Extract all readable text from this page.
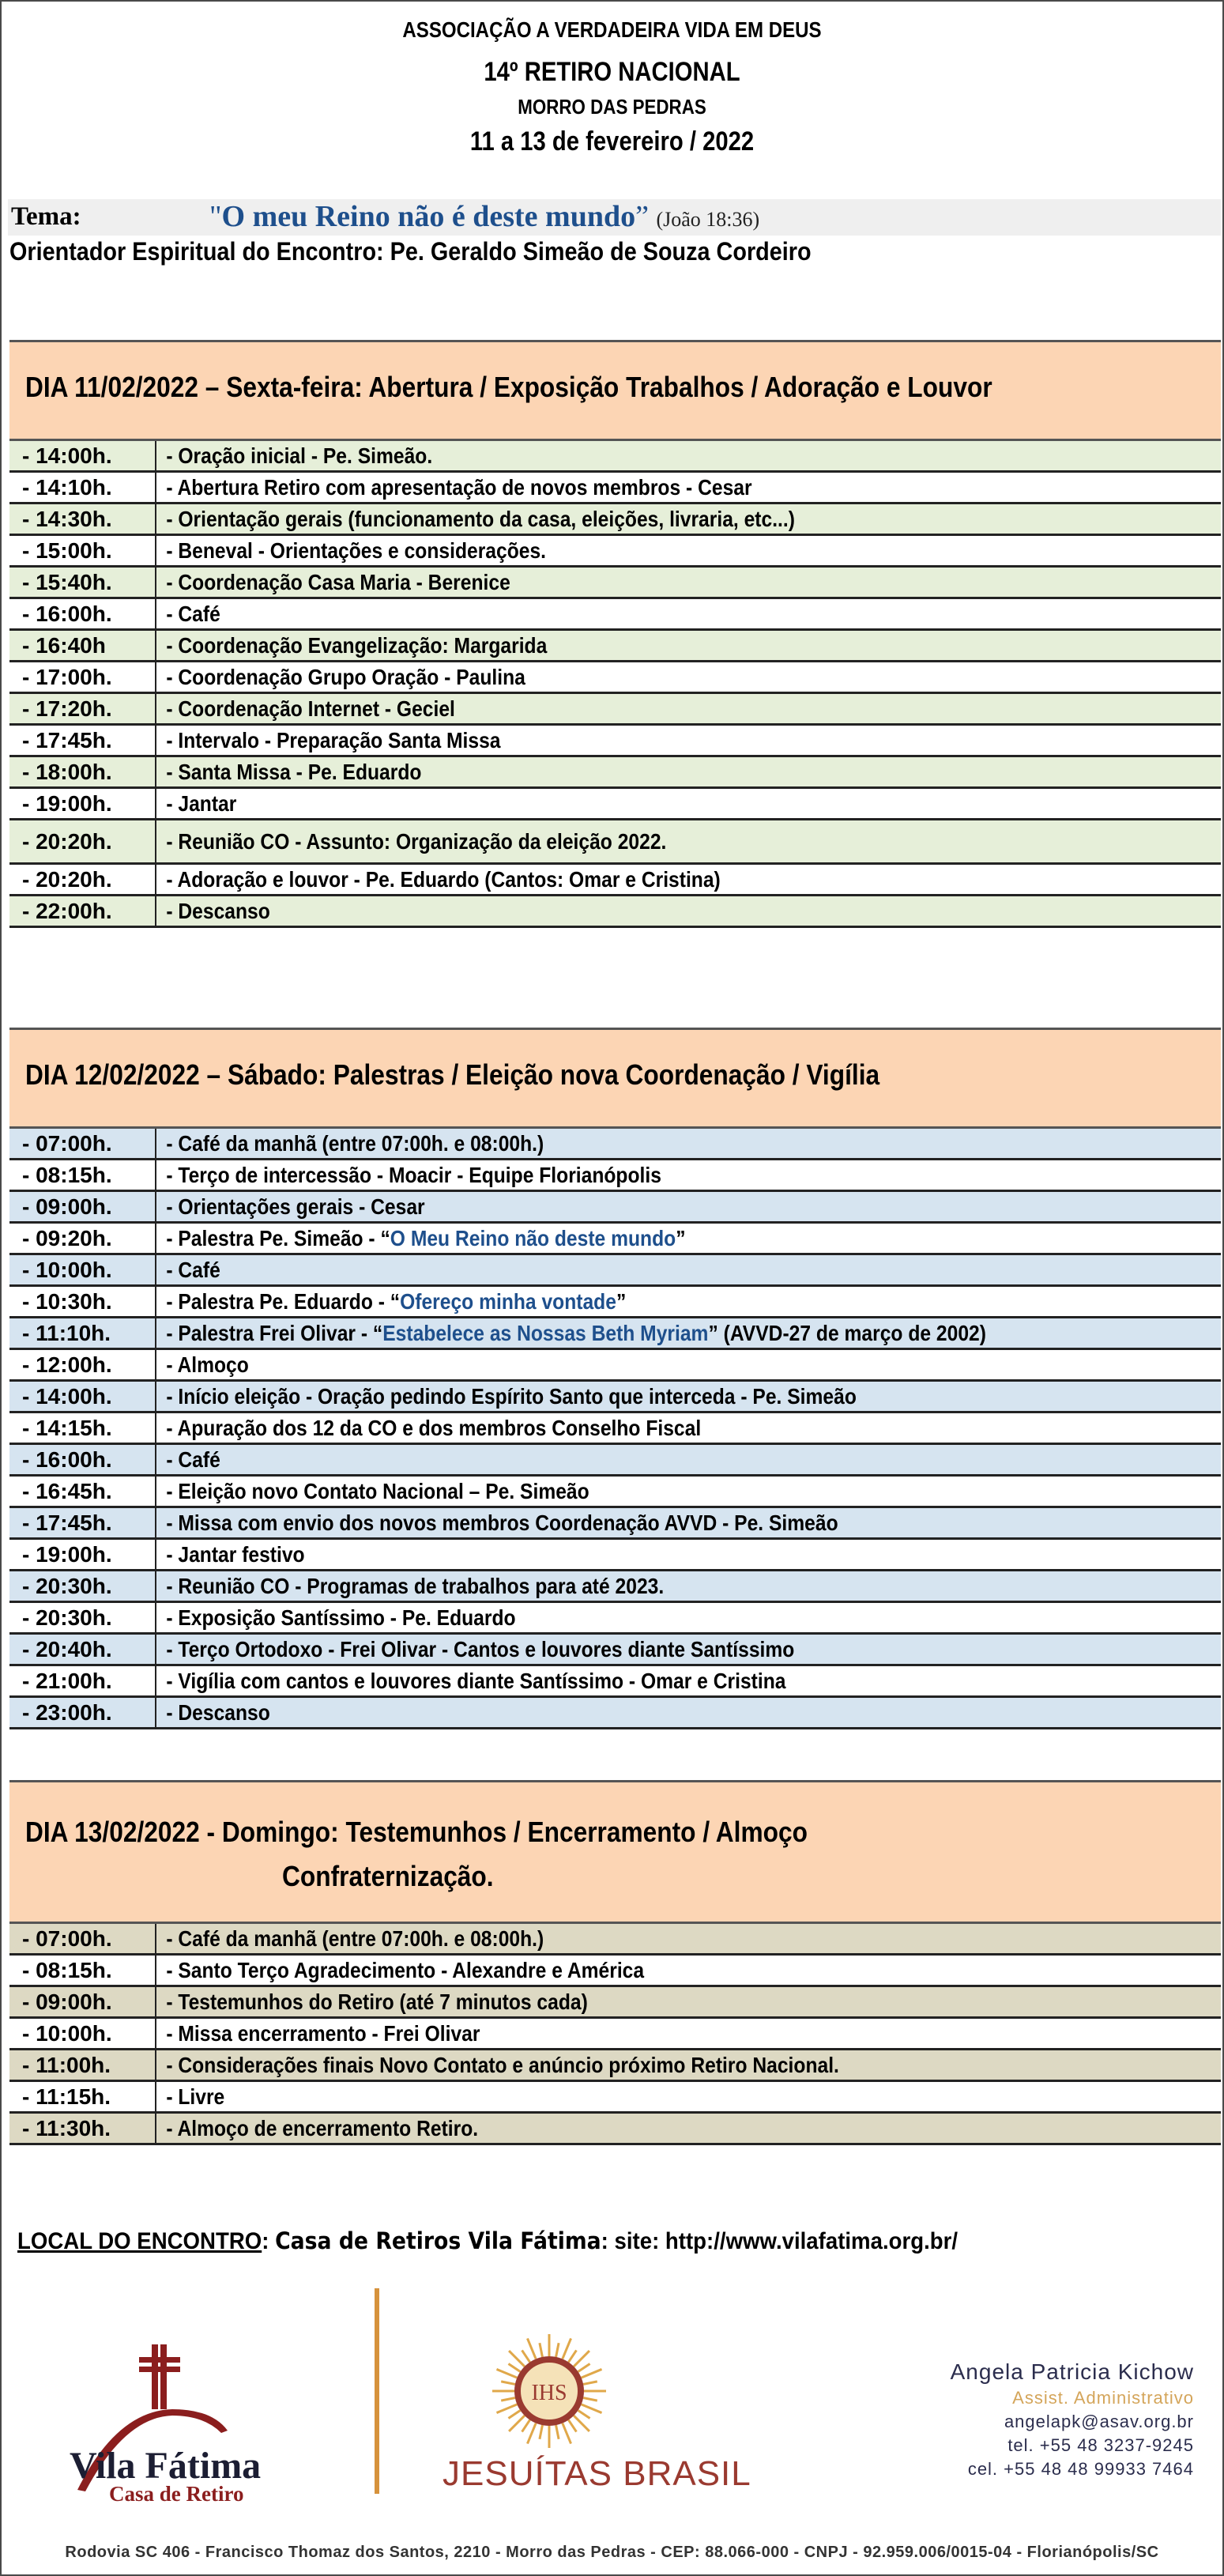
ASSOCIAÇÃO A VERDADEIRA VIDA EM DEUS
14º RETIRO NACIONAL
MORRO DAS PEDRAS
11 a 13 de fevereiro / 2022
Tema:	"O meu Reino não é deste mundo” (João 18:36)
Orientador Espiritual do Encontro: Pe. Geraldo Simeão de Souza Cordeiro
DIA 11/02/2022 – Sexta-feira: Abertura / Exposição Trabalhos / Adoração e Louvor
- 14:00h.	- Oração inicial - Pe. Simeão.
- 14:10h.	- Abertura Retiro com apresentação de novos membros - Cesar
- 14:30h.	- Orientação gerais (funcionamento da casa, eleições, livraria, etc...)
- 15:00h.	- Beneval - Orientações e considerações.
- 15:40h.	- Coordenação Casa Maria - Berenice
- 16:00h.	- Café
- 16:40h	- Coordenação Evangelização: Margarida
- 17:00h.	- Coordenação Grupo Oração - Paulina
- 17:20h.	- Coordenação Internet - Geciel
- 17:45h.	- Intervalo - Preparação Santa Missa
- 18:00h.	- Santa Missa - Pe. Eduardo
- 19:00h.	- Jantar
- 20:20h.	- Reunião CO - Assunto: Organização da eleição 2022.
- 20:20h.	- Adoração e louvor - Pe. Eduardo (Cantos: Omar e Cristina)
- 22:00h.	- Descanso
DIA 12/02/2022 – Sábado: Palestras / Eleição nova Coordenação / Vigília
- 07:00h.	- Café da manhã (entre 07:00h. e 08:00h.)
- 08:15h.	- Terço de intercessão - Moacir - Equipe Florianópolis
- 09:00h.	- Orientações gerais - Cesar
- 09:20h.	- Palestra Pe. Simeão - “O Meu Reino não deste mundo”
- 10:00h.	- Café
- 10:30h.	- Palestra Pe. Eduardo - “Ofereço minha vontade”
- 11:10h.	- Palestra Frei Olivar - “Estabelece as Nossas Beth Myriam” (AVVD-27 de março de 2002)
- 12:00h.	- Almoço
- 14:00h.	- Início eleição - Oração pedindo Espírito Santo que interceda - Pe. Simeão
- 14:15h.	- Apuração dos 12 da CO e dos membros Conselho Fiscal
- 16:00h.	- Café
- 16:45h.	- Eleição novo Contato Nacional – Pe. Simeão
- 17:45h.	- Missa com envio dos novos membros Coordenação AVVD - Pe. Simeão
- 19:00h.	- Jantar festivo
- 20:30h.	- Reunião CO - Programas de trabalhos para até 2023.
- 20:30h.	- Exposição Santíssimo - Pe. Eduardo
- 20:40h.	- Terço Ortodoxo - Frei Olivar - Cantos e louvores diante Santíssimo
- 21:00h.	- Vigília com cantos e louvores diante Santíssimo - Omar e Cristina
- 23:00h.	- Descanso
DIA 13/02/2022 - Domingo: Testemunhos / Encerramento / Almoço
Confraternização.
- 07:00h.	- Café da manhã (entre 07:00h. e 08:00h.)
- 08:15h.	- Santo Terço Agradecimento - Alexandre e América
- 09:00h.	- Testemunhos do Retiro (até 7 minutos cada)
- 10:00h.	- Missa encerramento - Frei Olivar
- 11:00h.	- Considerações finais Novo Contato e anúncio próximo Retiro Nacional.
- 11:15h.	- Livre
- 11:30h.	- Almoço de encerramento Retiro.
LOCAL DO ENCONTRO: Casa de Retiros Vila Fátima: site: http://www.vilafatima.org.br/
Vila Fátima
Casa de Retiro
IHS
JESUÍTAS BRASIL
Angela Patricia Kichow
Assist. Administrativo
angelapk@asav.org.br
tel. +55 48 3237-9245
cel. +55 48 48 99933 7464
Rodovia SC 406 - Francisco Thomaz dos Santos, 2210 - Morro das Pedras - CEP: 88.066-000 - CNPJ - 92.959.006/0015-04 - Florianópolis/SC
